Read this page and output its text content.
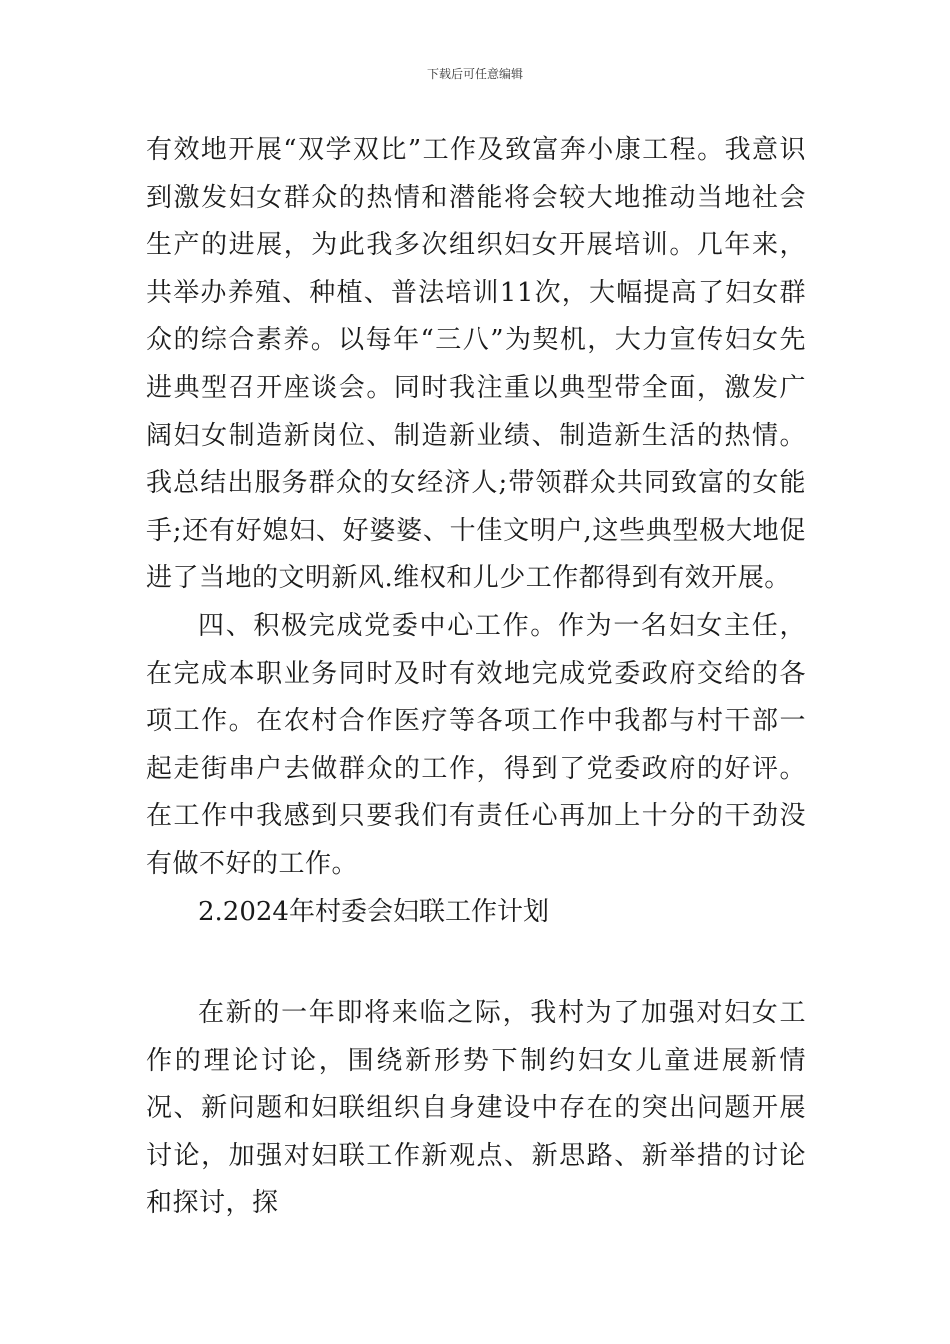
下载后可任意编辑

有效地开展“双学双比”工作及致富奔小康工程。我意识到激发妇女群众的热情和潜能将会较大地推动当地社会生产的进展，为此我多次组织妇女开展培训。几年来，共举办养殖、种植、普法培训11次，大幅提高了妇女群众的综合素养。以每年“三八”为契机，大力宣传妇女先进典型召开座谈会。同时我注重以典型带全面，激发广阔妇女制造新岗位、制造新业绩、制造新生活的热情。我总结出服务群众的女经济人;带领群众共同致富的女能手;还有好媳妇、好婆婆、十佳文明户,这些典型极大地促进了当地的文明新风.维权和儿少工作都得到有效开展。

四、积极完成党委中心工作。作为一名妇女主任，在完成本职业务同时及时有效地完成党委政府交给的各项工作。在农村合作医疗等各项工作中我都与村干部一起走街串户去做群众的工作，得到了党委政府的好评。在工作中我感到只要我们有责任心再加上十分的干劲没有做不好的工作。

2.2024年村委会妇联工作计划

在新的一年即将来临之际，我村为了加强对妇女工作的理论讨论，围绕新形势下制约妇女儿童进展新情况、新问题和妇联组织自身建设中存在的突出问题开展讨论，加强对妇联工作新观点、新思路、新举措的讨论和探讨，探
